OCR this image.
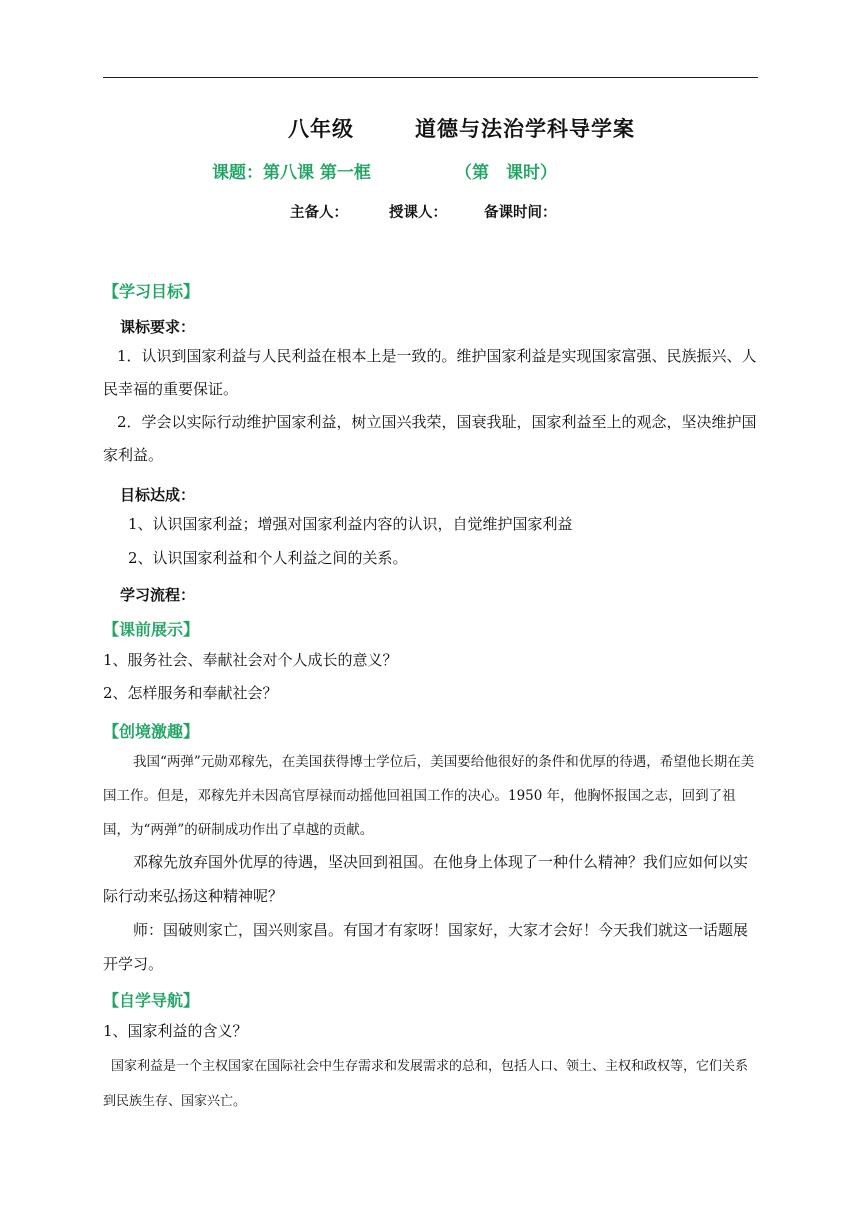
八年级	道德与法治学科导学案
课题：第八课 第一框	（第　课时）
主备人：	授课人：	备课时间：
【学习目标】
课标要求：
1．认识到国家利益与人民利益在根本上是一致的。维护国家利益是实现国家富强、民族振兴、人民幸福的重要保证。
2．学会以实际行动维护国家利益，树立国兴我荣，国衰我耻，国家利益至上的观念，坚决维护国家利益。
目标达成：
1、认识国家利益；增强对国家利益内容的认识，自觉维护国家利益
2、认识国家利益和个人利益之间的关系。
学习流程：
【课前展示】
1、服务社会、奉献社会对个人成长的意义？
2、怎样服务和奉献社会？
【创境激趣】
我国“两弹”元勋邓稼先，在美国获得博士学位后，美国要给他很好的条件和优厚的待遇，希望他长期在美国工作。但是，邓稼先并未因高官厚禄而动摇他回祖国工作的决心。1950 年，他胸怀报国之志，回到了祖国，为“两弹”的研制成功作出了卓越的贡献。
邓稼先放弃国外优厚的待遇，坚决回到祖国。在他身上体现了一种什么精神？我们应如何以实际行动来弘扬这种精神呢？
师：国破则家亡，国兴则家昌。有国才有家呀！国家好，大家才会好！今天我们就这一话题展开学习。
【自学导航】
1、国家利益的含义？
国家利益是一个主权国家在国际社会中生存需求和发展需求的总和，包括人口、领土、主权和政权等，它们关系到民族生存、国家兴亡。
